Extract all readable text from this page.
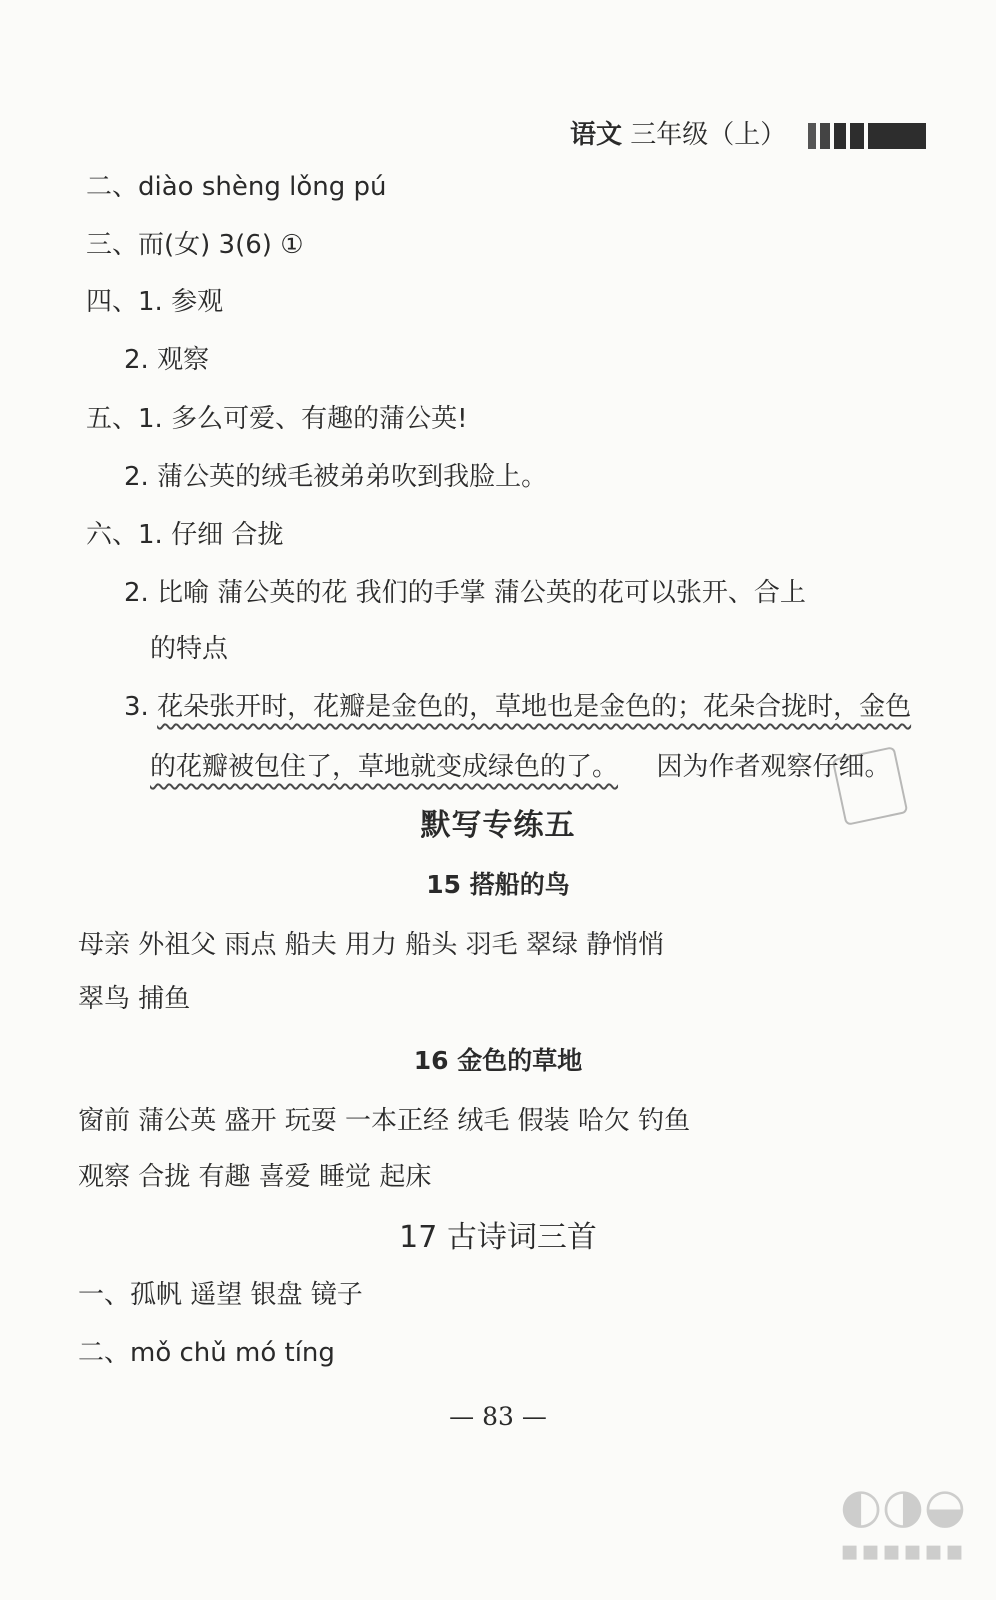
语文 三年级（上）
二、diào shèng lǒng pú
三、而(女) 3(6) ①
四、1. 参观
2. 观察
五、1. 多么可爱、有趣的蒲公英!
2. 蒲公英的绒毛被弟弟吹到我脸上。
六、1. 仔细 合拢
2. 比喻 蒲公英的花 我们的手掌 蒲公英的花可以张开、合上
的特点
3. 花朵张开时，花瓣是金色的，草地也是金色的；花朵合拢时，金色
的花瓣被包住了，草地就变成绿色的了。 因为作者观察仔细。
默写专练五
15 搭船的鸟
母亲 外祖父 雨点 船夫 用力 船头 羽毛 翠绿 静悄悄
翠鸟 捕鱼
16 金色的草地
窗前 蒲公英 盛开 玩耍 一本正经 绒毛 假装 哈欠 钓鱼
观察 合拢 有趣 喜爱 睡觉 起床
17 古诗词三首
一、孤帆 遥望 银盘 镜子
二、mǒ chǔ mó tíng
— 83 —
◐◑◒
▪▪▪▪▪▪
